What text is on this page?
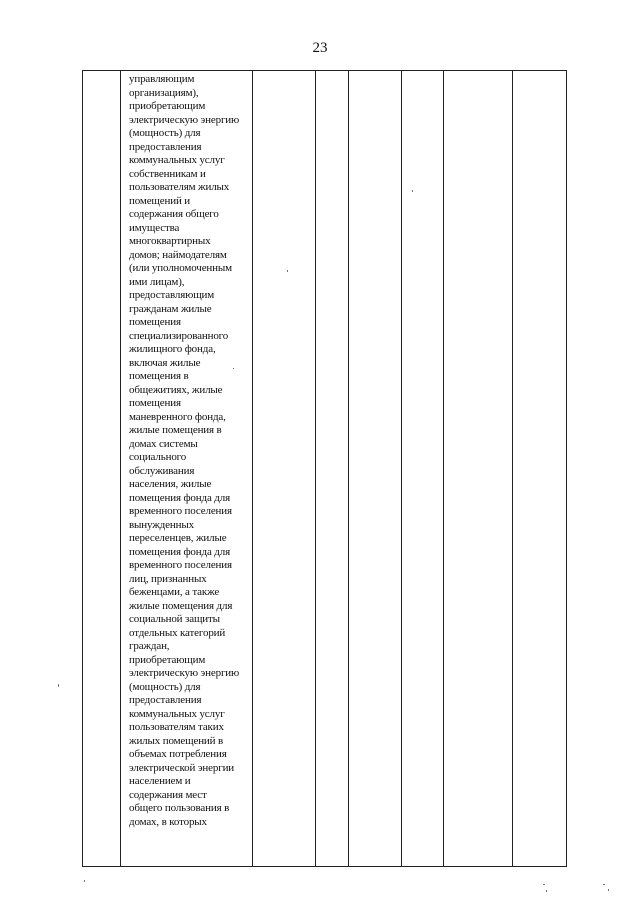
23

управляющим
организациям),
приобретающим
электрическую энергию
(мощность) для
предоставления
коммунальных услуг
собственникам и
пользователям жилых
помещений и
содержания общего
имущества
многоквартирных
домов; наймодателям
(или уполномоченным
ими лицам),
предоставляющим
гражданам жилые
помещения
специализированного
жилищного фонда,
включая жилые
помещения в
общежитиях, жилые
помещения
маневренного фонда,
жилые помещения в
домах системы
социального
обслуживания
населения, жилые
помещения фонда для
временного поселения
вынужденных
переселенцев, жилые
помещения фонда для
временного поселения
лиц, признанных
беженцами, а также
жилые помещения для
социальной защиты
отдельных категорий
граждан,
приобретающим
электрическую энергию
(мощность) для
предоставления
коммунальных услуг
пользователям таких
жилых помещений в
объемах потребления
электрической энергии
населением и
содержания мест
общего пользования в
домах, в которых
